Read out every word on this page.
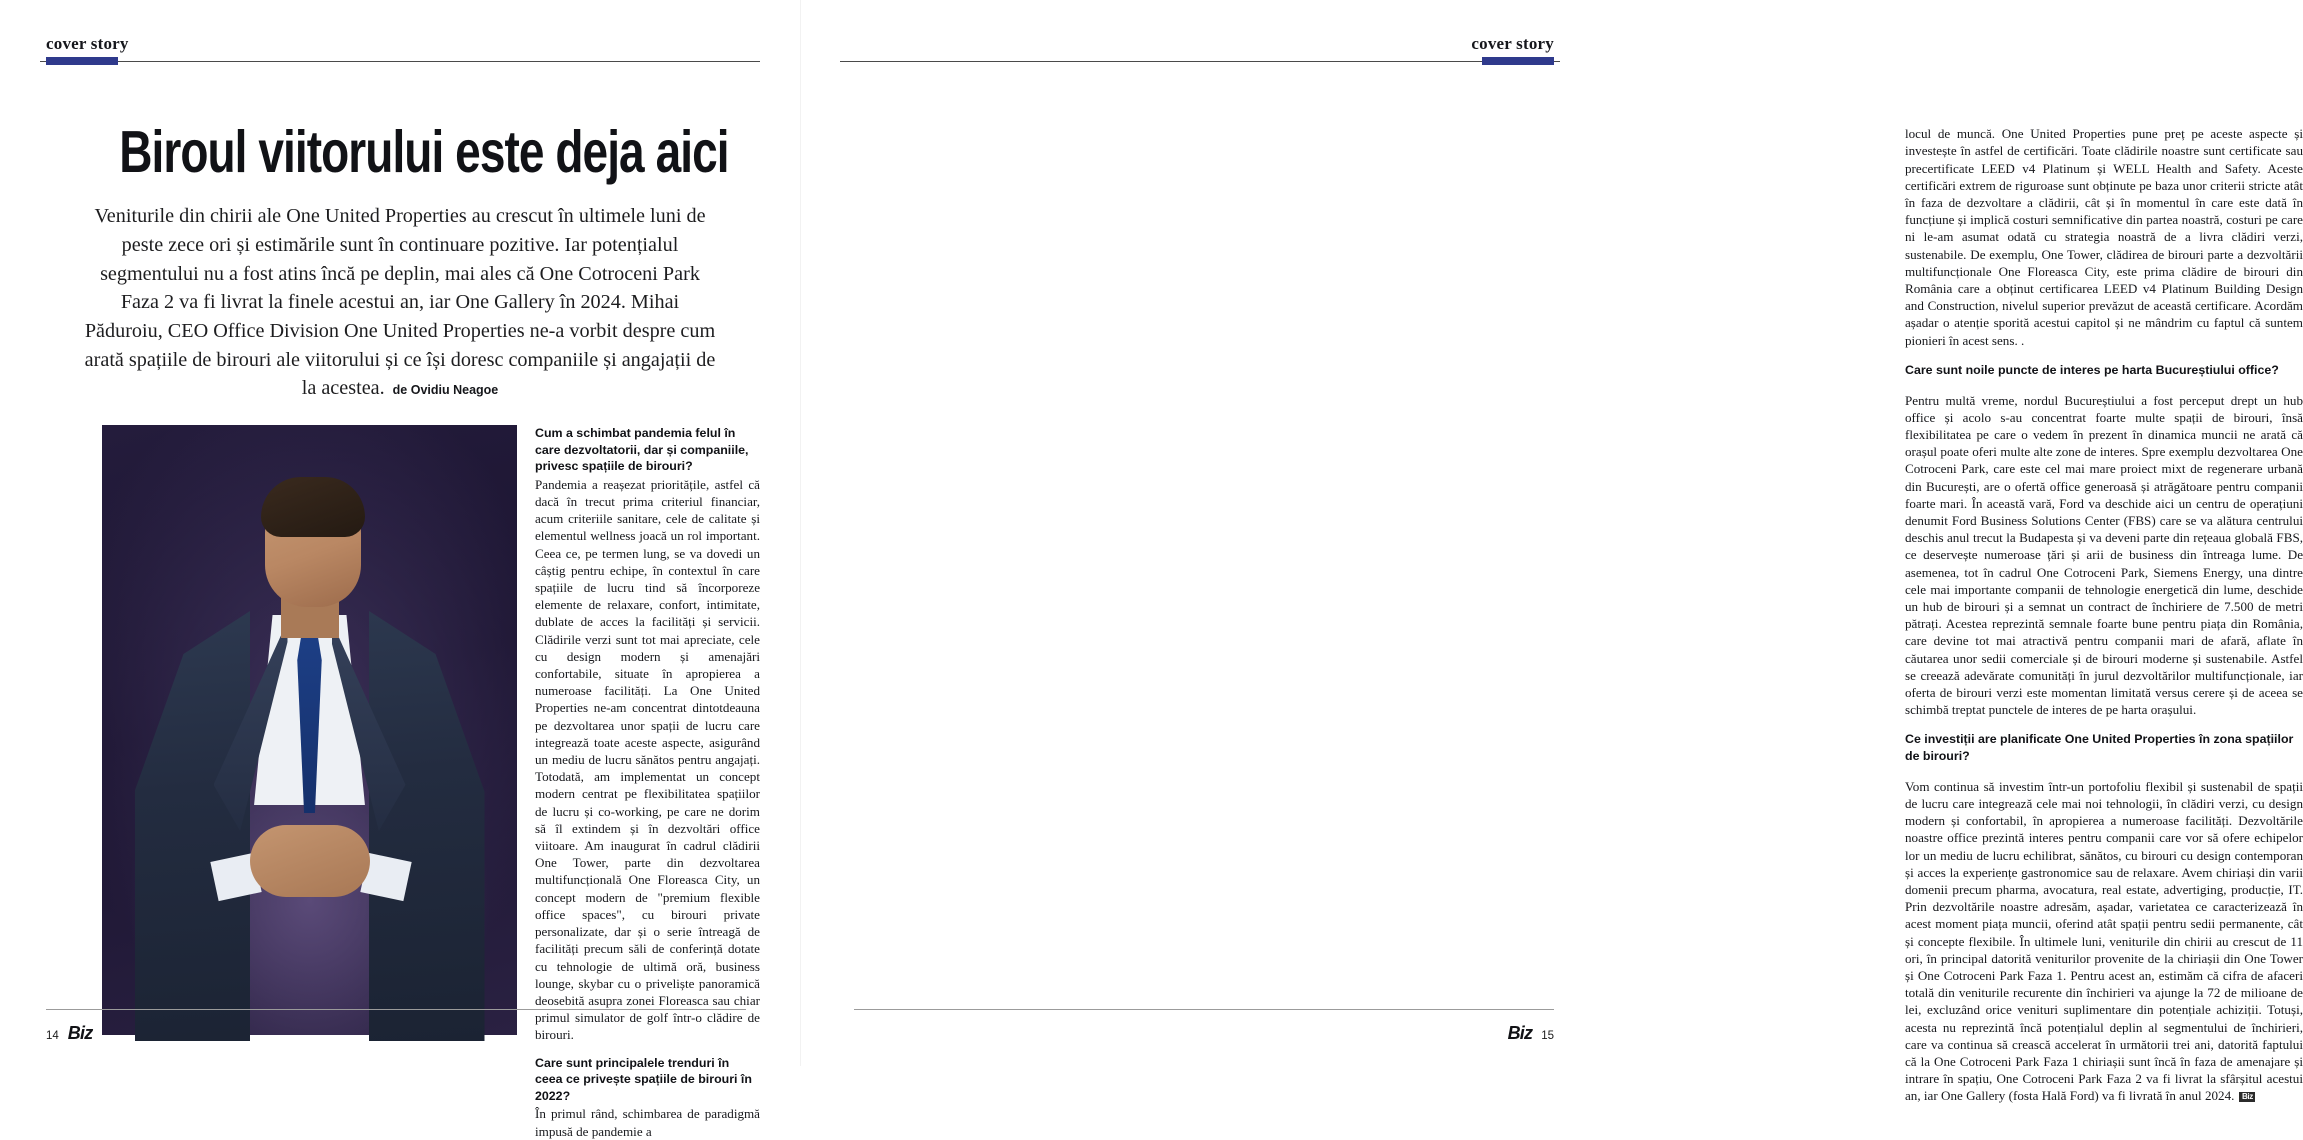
cover story
Biroul viitorului este deja aici
Veniturile din chirii ale One United Properties au crescut în ultimele luni de peste zece ori și estimările sunt în continuare pozitive. Iar potențialul segmentului nu a fost atins încă pe deplin, mai ales că One Cotroceni Park Faza 2 va fi livrat la finele acestui an, iar One Gallery în 2024. Mihai Păduroiu, CEO Office Division One United Properties ne-a vorbit despre cum arată spațiile de birouri ale viitorului și ce își doresc companiile și angajații de la acestea. de Ovidiu Neagoe
Cum a schimbat pandemia felul în care dezvoltatorii, dar și companiile, privesc spațiile de birouri?

Pandemia a reașezat prioritățile, astfel că dacă în trecut prima criteriul financiar, acum criteriile sanitare, cele de calitate și elementul wellness joacă un rol important. Ceea ce, pe termen lung, se va dovedi un câștig pentru echipe, în contextul în care spațiile de lucru tind să încorporeze elemente de relaxare, confort, intimitate, dublate de acces la facilități și servicii. Clădirile verzi sunt tot mai apreciate, cele cu design modern și amenajări confortabile, situate în apropierea a numeroase facilități. La One United Properties ne-am concentrat dintotdeauna pe dezvoltarea unor spații de lucru care integrează toate aceste aspecte, asigurând un mediu de lucru sănătos pentru angajați. Totodată, am implementat un concept modern centrat pe flexibilitatea spațiilor de lucru și co-working, pe care ne dorim să îl extindem și în dezvoltări office viitoare. Am inaugurat în cadrul clădirii One Tower, parte din dezvoltarea multifuncțională One Floreasca City, un concept modern de "premium flexible office spaces", cu birouri private personalizate, dar și o serie întreagă de facilități precum săli de conferință dotate cu tehnologie de ultimă oră, business lounge, skybar cu o priveliște panoramică deosebită asupra zonei Floreasca sau chiar primul simulator de golf într-o clădire de birouri.

Care sunt principalele trenduri în ceea ce privește spațiile de birouri în 2022?

În primul rând, schimbarea de paradigmă impusă de pandemie a

14 Biz
cover story

locul de muncă. One United Properties pune preț pe aceste aspecte și investește în astfel de certificări. Toate clădirile noastre sunt certificate sau precertificate LEED v4 Platinum și WELL Health and Safety. Aceste certificări extrem de riguroase sunt obținute pe baza unor criterii stricte atât în faza de dezvoltare a clădirii, cât și în momentul în care este dată în funcțiune și implică costuri semnificative din partea noastră, costuri pe care ni le-am asumat odată cu strategia noastră de a livra clădiri verzi, sustenabile. De exemplu, One Tower, clădirea de birouri parte a dezvoltării multifuncționale One Floreasca City, este prima clădire de birouri din România care a obținut certificarea LEED v4 Platinum Building Design and Construction, nivelul superior prevăzut de această certificare. Acordăm așadar o atenție sporită acestui capitol și ne mândrim cu faptul că suntem pionieri în acest sens. .

Care sunt noile puncte de interes pe harta Bucureștiului office?

Pentru multă vreme, nordul Bucureștiului a fost perceput drept un hub office și acolo s-au concentrat foarte multe spații de birouri, însă flexibilitatea pe care o vedem în prezent în dinamica muncii ne arată că orașul poate oferi multe alte zone de interes. Spre exemplu dezvoltarea One Cotroceni Park, care este cel mai mare proiect mixt de regenerare urbană din București, are o ofertă office generoasă și atrăgătoare pentru companii foarte mari. În această vară, Ford va deschide aici un centru de operațiuni denumit Ford Business Solutions Center (FBS) care se va alătura centrului deschis anul trecut la Budapesta și va deveni parte din rețeaua globală FBS, ce deservește numeroase țări și arii de business din întreaga lume. De asemenea, tot în cadrul One Cotroceni Park, Siemens Energy, una dintre cele mai importante companii de tehnologie energetică din lume, deschide un hub de birouri și a semnat un contract de închiriere de 7.500 de metri pătrați. Acestea reprezintă semnale foarte bune pentru piața din România, care devine tot mai atractivă pentru companii mari de afară, aflate în căutarea unor sedii comerciale și de birouri moderne și sustenabile. Astfel se creează adevărate comunități în jurul dezvoltărilor multifuncționale, iar oferta de birouri verzi este momentan limitată versus cerere și de aceea se schimbă treptat punctele de interes de pe harta orașului.

Ce investiții are planificate One United Properties în zona spațiilor de birouri?

Vom continua să investim într-un portofoliu flexibil și sustenabil de spații de lucru care integrează cele mai noi tehnologii, în clădiri verzi, cu design modern și confortabil, în apropierea a numeroase facilități. Dezvoltările noastre office prezintă interes pentru companii care vor să ofere echipelor lor un mediu de lucru echilibrat, sănătos, cu birouri cu design contemporan și acces la experiențe gastronomice sau de relaxare. Avem chiriași din varii domenii precum pharma, avocatura, real estate, advertiging, producție, IT. Prin dezvoltările noastre adresăm, așadar, varietatea ce caracterizează în acest moment piața muncii, oferind atât spații pentru sedii permanente, cât și concepte flexibile. În ultimele luni, veniturile din chirii au crescut de 11 ori, în principal datorită veniturilor provenite de la chiriașii din One Tower și One Cotroceni Park Faza 1. Pentru acest an, estimăm că cifra de afaceri totală din veniturile recurente din închirieri va ajunge la 72 de milioane de lei, excluzând orice venituri suplimentare din potențiale achiziții. Totuși, acesta nu reprezintă încă potențialul deplin al segmentului de închirieri, care va continua să crească accelerat în următorii trei ani, datorită faptului că la One Cotroceni Park Faza 1 chiriașii sunt încă în faza de amenajare și intrare în spațiu, One Cotroceni Park Faza 2 va fi livrat la sfârșitul acestui an, iar One Gallery (fosta Hală Ford) va fi livrată în anul 2024. Biz

Biz 15
